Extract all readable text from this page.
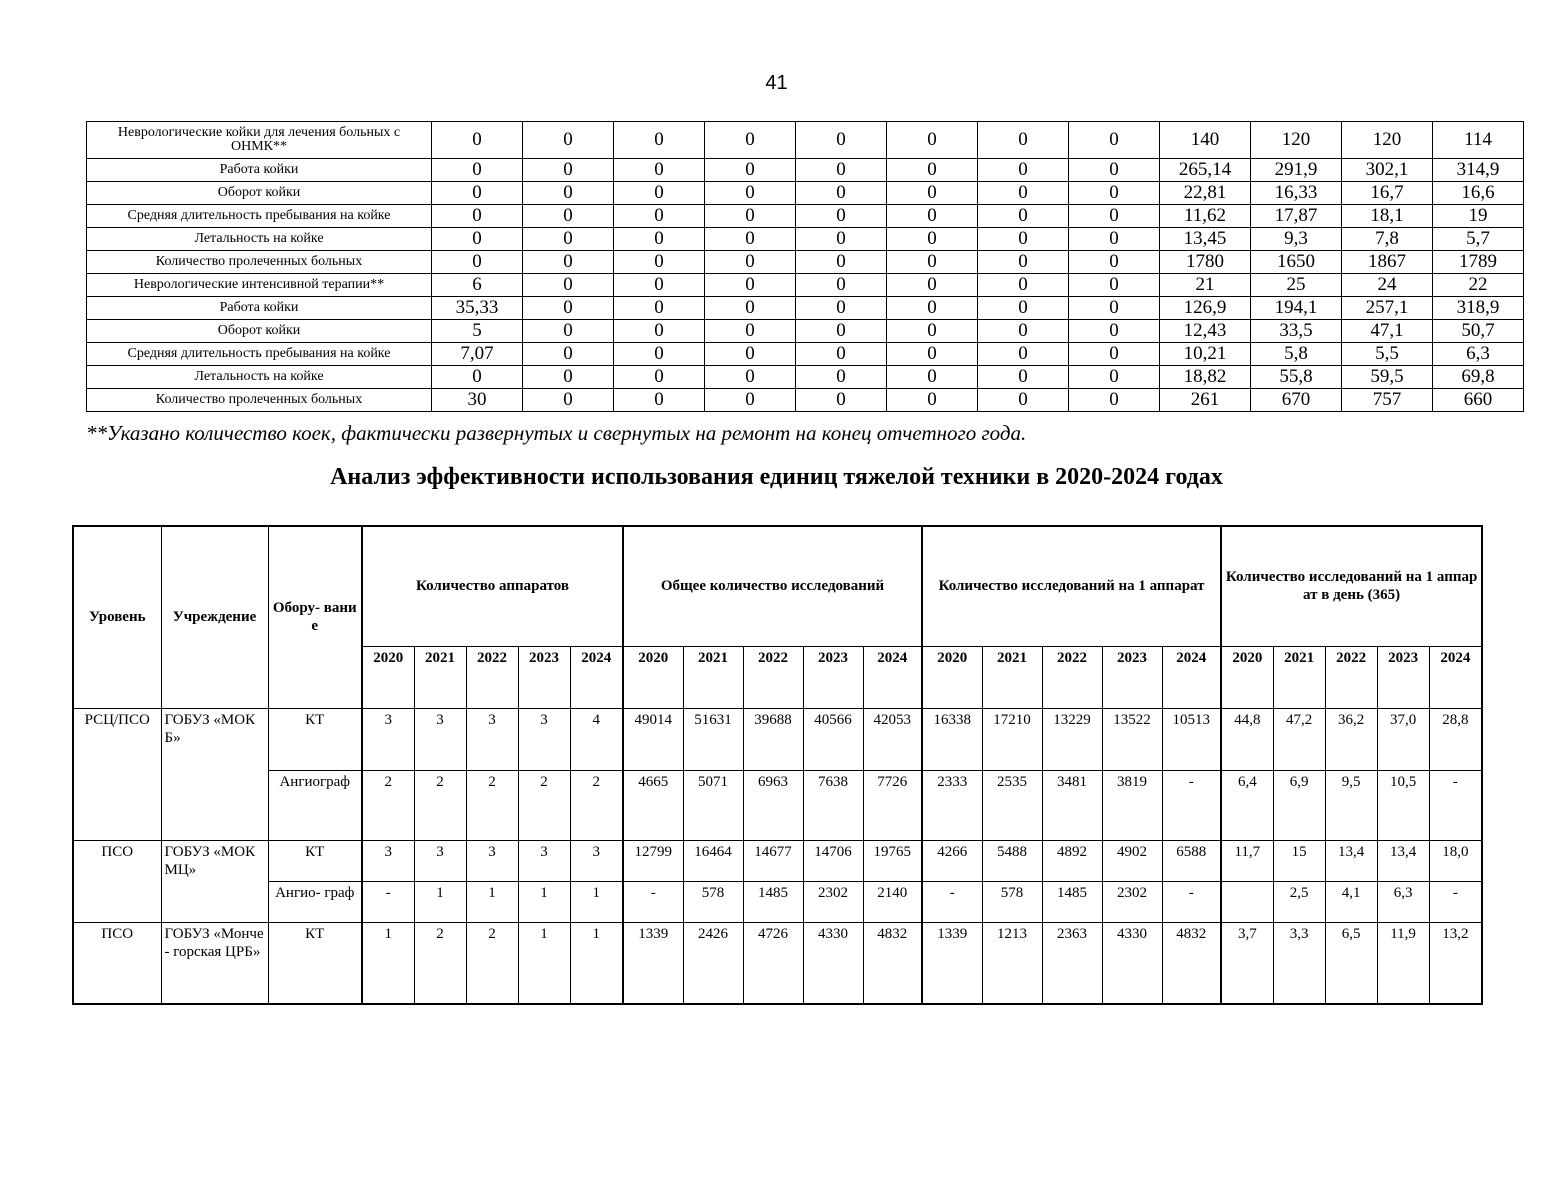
41
Неврологические койки для лечения больных с ОНМК**	0	0	0	0	0	0	0	0	140	120	120	114
Работа койки	0	0	0	0	0	0	0	0	265,14	291,9	302,1	314,9
Оборот койки	0	0	0	0	0	0	0	0	22,81	16,33	16,7	16,6
Средняя длительность пребывания на койке	0	0	0	0	0	0	0	0	11,62	17,87	18,1	19
Летальность на койке	0	0	0	0	0	0	0	0	13,45	9,3	7,8	5,7
Количество пролеченных больных	0	0	0	0	0	0	0	0	1780	1650	1867	1789
Неврологические интенсивной терапии**	6	0	0	0	0	0	0	0	21	25	24	22
Работа койки	35,33	0	0	0	0	0	0	0	126,9	194,1	257,1	318,9
Оборот койки	5	0	0	0	0	0	0	0	12,43	33,5	47,1	50,7
Средняя длительность пребывания на койке	7,07	0	0	0	0	0	0	0	10,21	5,8	5,5	6,3
Летальность на койке	0	0	0	0	0	0	0	0	18,82	55,8	59,5	69,8
Количество пролеченных больных	30	0	0	0	0	0	0	0	261	670	757	660
**Указано количество коек, фактически развернутых и свернутых на ремонт на конец отчетного года.
Анализ эффективности использования единиц тяжелой техники в 2020-2024 годах
Уровень	Учреждение	Обору- вание	Количество аппаратов					Общее количество исследований					Количество исследований на 1 аппарат					Количество исследований на 1 аппарат в день (365)				
			2020	2021	2022	2023	2024	2020	2021	2022	2023	2024	2020	2021	2022	2023	2024	2020	2021	2022	2023	2024
РСЦ/ПСО	ГОБУЗ «МОКБ»	КТ	3	3	3	3	4	49014	51631	39688	40566	42053	16338	17210	13229	13522	10513	44,8	47,2	36,2	37,0	28,8
		Ангиограф	2	2	2	2	2	4665	5071	6963	7638	7726	2333	2535	3481	3819	-	6,4	6,9	9,5	10,5	-
ПСО	ГОБУЗ «МОКМЦ»	КТ	3	3	3	3	3	12799	16464	14677	14706	19765	4266	5488	4892	4902	6588	11,7	15	13,4	13,4	18,0
		Ангио- граф	-	1	1	1	1	-	578	1485	2302	2140	-	578	1485	2302	-		2,5	4,1	6,3	-
ПСО	ГОБУЗ «Монче- горская ЦРБ»	КТ	1	2	2	1	1	1339	2426	4726	4330	4832	1339	1213	2363	4330	4832	3,7	3,3	6,5	11,9	13,2
